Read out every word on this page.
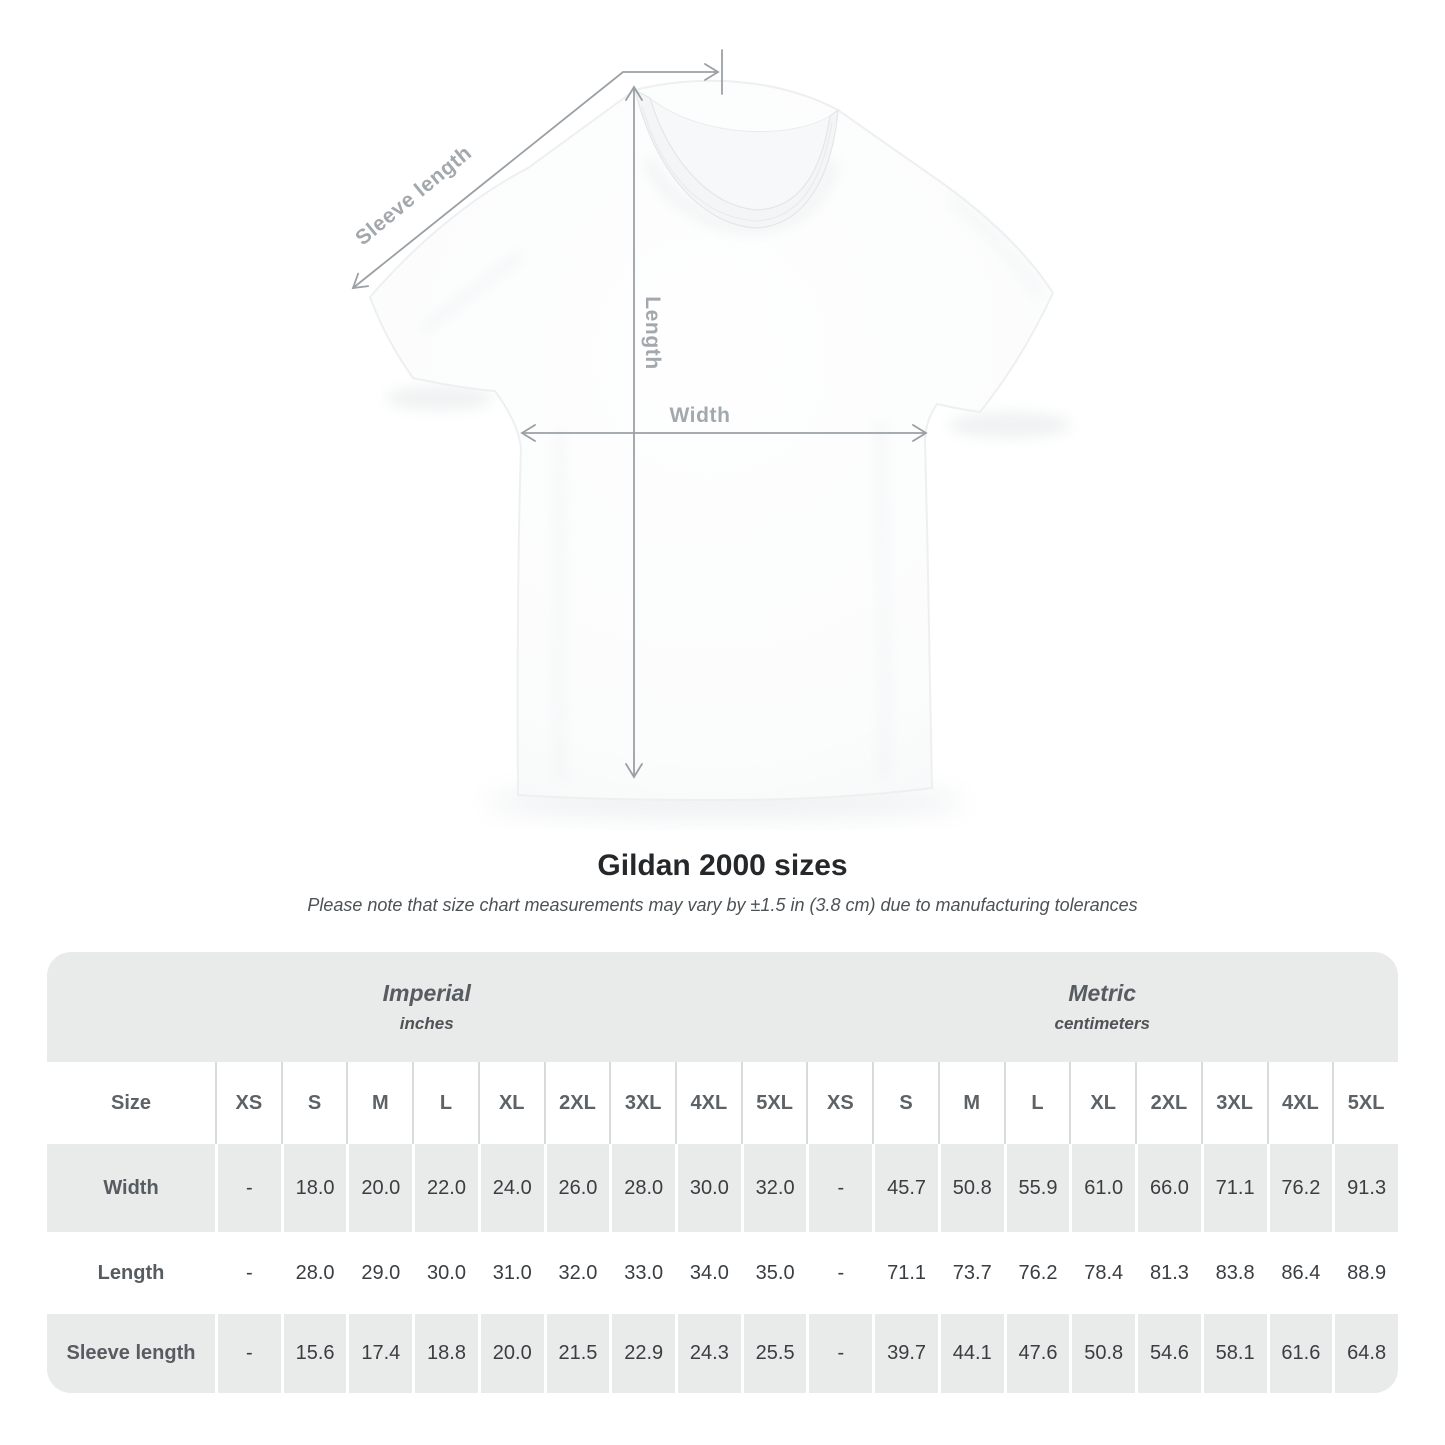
Sleeve length
Length
Width
Gildan 2000 sizes

Please note that size chart measurements may vary by ±1.5 in (3.8 cm) due to manufacturing tolerances

Imperial
inches

Metric
centimeters

Size	XS	S	M	L	XL	2XL	3XL	4XL	5XL	XS	S	M	L	XL	2XL	3XL	4XL	5XL
Width	-	18.0	20.0	22.0	24.0	26.0	28.0	30.0	32.0	-	45.7	50.8	55.9	61.0	66.0	71.1	76.2	91.3
Length	-	28.0	29.0	30.0	31.0	32.0	33.0	34.0	35.0	-	71.1	73.7	76.2	78.4	81.3	83.8	86.4	88.9
Sleeve length	-	15.6	17.4	18.8	20.0	21.5	22.9	24.3	25.5	-	39.7	44.1	47.6	50.8	54.6	58.1	61.6	64.8
